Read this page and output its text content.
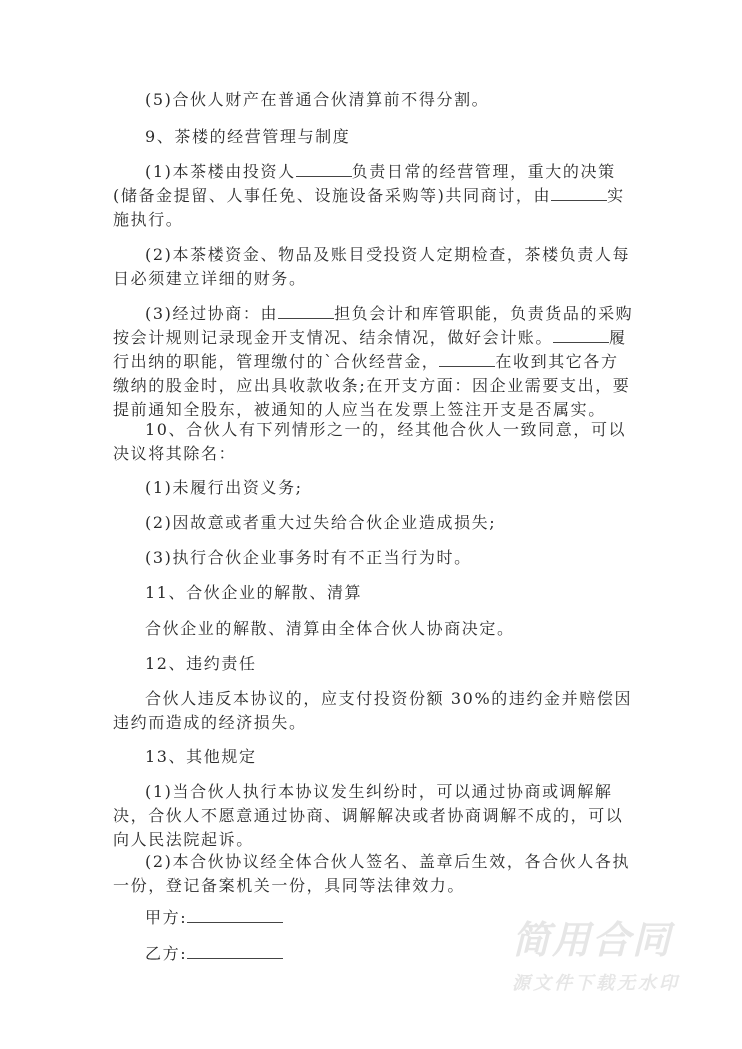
(5)合伙人财产在普通合伙清算前不得分割。
9、茶楼的经营管理与制度
(1)本茶楼由投资人	负责日常的经营管理，重大的决策
(储备金提留、人事任免、设施设备采购等)共同商讨，由	实
施执行。
(2)本茶楼资金、物品及账目受投资人定期检查，茶楼负责人每
日必须建立详细的财务。
(3)经过协商：由	担负会计和库管职能，负责货品的采购
按会计规则记录现金开支情况、结余情况，做好会计账。	履
行出纳的职能，管理缴付的`合伙经营金，	在收到其它各方
缴纳的股金时，应出具收款收条;在开支方面：因企业需要支出，要
提前通知全股东，被通知的人应当在发票上签注开支是否属实。
10、合伙人有下列情形之一的，经其他合伙人一致同意，可以
决议将其除名：
(1)未履行出资义务;
(2)因故意或者重大过失给合伙企业造成损失;
(3)执行合伙企业事务时有不正当行为时。
11、合伙企业的解散、清算
合伙企业的解散、清算由全体合伙人协商决定。
12、违约责任
合伙人违反本协议的，应支付投资份额 30%的违约金并赔偿因
违约而造成的经济损失。
13、其他规定
(1)当合伙人执行本协议发生纠纷时，可以通过协商或调解解
决，合伙人不愿意通过协商、调解解决或者协商调解不成的，可以
向人民法院起诉。
(2)本合伙协议经全体合伙人签名、盖章后生效，各合伙人各执
一份，登记备案机关一份，具同等法律效力。
甲方:
乙方:	简用合同
源文件下载无水印
